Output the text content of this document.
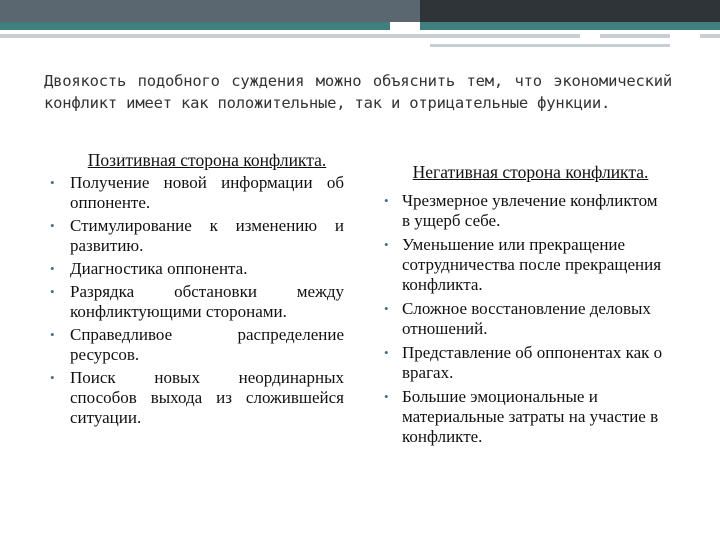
Двоякость подобного суждения можно объяснить тем, что экономический конфликт имеет как положительные, так и отрицательные функции.
Позитивная сторона конфликта.
• Получение новой информации об оппоненте.
• Стимулирование к изменению и развитию.
• Диагностика оппонента.
• Разрядка обстановки между конфликтующими сторонами.
• Справедливое распределение ресурсов.
• Поиск новых неординарных способов выхода из сложившейся ситуации.
Негативная сторона конфликта.
• Чрезмерное увлечение конфликтом в ущерб себе.
• Уменьшение или прекращение сотрудничества после прекращения конфликта.
• Сложное восстановление деловых отношений.
• Представление об оппонентах как о врагах.
• Большие эмоциональные и материальные затраты на участие в конфликте.
